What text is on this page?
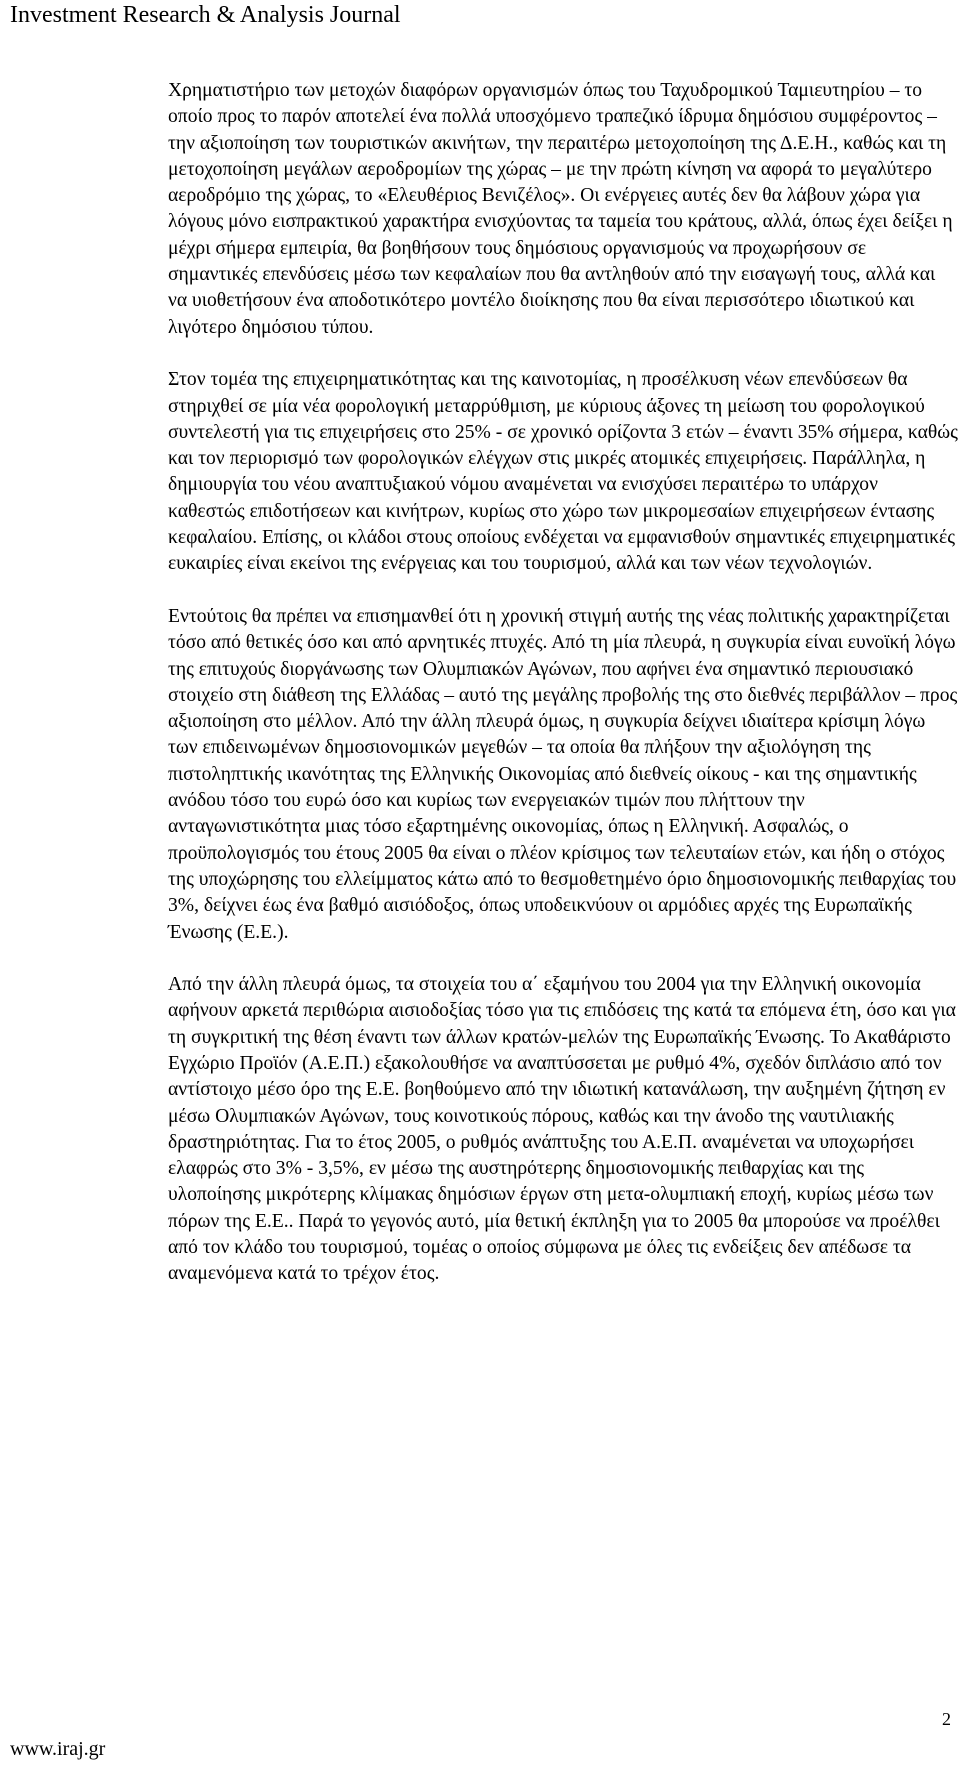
Investment Research & Analysis Journal

Χρηματιστήριο των μετοχών διαφόρων οργανισμών όπως του Ταχυδρομικού Ταμιευτηρίου – το οποίο προς το παρόν αποτελεί ένα πολλά υποσχόμενο τραπεζικό ίδρυμα δημόσιου συμφέροντος – την αξιοποίηση των τουριστικών ακινήτων, την περαιτέρω μετοχοποίηση της Δ.Ε.Η., καθώς και τη μετοχοποίηση μεγάλων αεροδρομίων της χώρας – με την πρώτη κίνηση να αφορά το μεγαλύτερο αεροδρόμιο της χώρας, το «Ελευθέριος Βενιζέλος». Οι ενέργειες αυτές δεν θα λάβουν χώρα για λόγους μόνο εισπρακτικού χαρακτήρα ενισχύοντας τα ταμεία του κράτους, αλλά, όπως έχει δείξει η μέχρι σήμερα εμπειρία, θα βοηθήσουν τους δημόσιους οργανισμούς να προχωρήσουν σε σημαντικές επενδύσεις μέσω των κεφαλαίων που θα αντληθούν από την εισαγωγή τους, αλλά και να υιοθετήσουν ένα αποδοτικότερο μοντέλο διοίκησης που θα είναι περισσότερο ιδιωτικού και λιγότερο δημόσιου τύπου.

Στον τομέα της επιχειρηματικότητας και της καινοτομίας, η προσέλκυση νέων επενδύσεων θα στηριχθεί σε μία νέα φορολογική μεταρρύθμιση, με κύριους άξονες τη μείωση του φορολογικού συντελεστή για τις επιχειρήσεις στο 25% - σε χρονικό ορίζοντα 3 ετών – έναντι 35% σήμερα, καθώς και τον περιορισμό των φορολογικών ελέγχων στις μικρές ατομικές επιχειρήσεις. Παράλληλα, η δημιουργία του νέου αναπτυξιακού νόμου αναμένεται να ενισχύσει περαιτέρω το υπάρχον καθεστώς επιδοτήσεων και κινήτρων, κυρίως στο χώρο των μικρομεσαίων επιχειρήσεων έντασης κεφαλαίου. Επίσης, οι κλάδοι στους οποίους ενδέχεται να εμφανισθούν σημαντικές επιχειρηματικές ευκαιρίες είναι εκείνοι της ενέργειας και του τουρισμού, αλλά και των νέων τεχνολογιών.

Εντούτοις θα πρέπει να επισημανθεί ότι η χρονική στιγμή αυτής της νέας πολιτικής χαρακτηρίζεται τόσο από θετικές όσο και από αρνητικές πτυχές. Από τη μία πλευρά, η συγκυρία είναι ευνοϊκή λόγω της επιτυχούς διοργάνωσης των Ολυμπιακών Αγώνων, που αφήνει ένα σημαντικό περιουσιακό στοιχείο στη διάθεση της Ελλάδας – αυτό της μεγάλης προβολής της στο διεθνές περιβάλλον – προς αξιοποίηση στο μέλλον. Από την άλλη πλευρά όμως, η συγκυρία δείχνει ιδιαίτερα κρίσιμη λόγω των επιδεινωμένων δημοσιονομικών μεγεθών – τα οποία θα πλήξουν την αξιολόγηση της πιστοληπτικής ικανότητας της Ελληνικής Οικονομίας από διεθνείς οίκους - και της σημαντικής ανόδου τόσο του ευρώ όσο και κυρίως των ενεργειακών τιμών που πλήττουν την ανταγωνιστικότητα μιας τόσο εξαρτημένης οικονομίας, όπως η Ελληνική. Ασφαλώς, ο προϋπολογισμός του έτους 2005 θα είναι ο πλέον κρίσιμος των τελευταίων ετών, και ήδη ο στόχος της υποχώρησης του ελλείμματος κάτω από το θεσμοθετημένο όριο δημοσιονομικής πειθαρχίας του 3%, δείχνει έως ένα βαθμό αισιόδοξος, όπως υποδεικνύουν οι αρμόδιες αρχές της Ευρωπαϊκής Ένωσης (Ε.Ε.).

Από την άλλη πλευρά όμως, τα στοιχεία του α΄ εξαμήνου του 2004 για την Ελληνική οικονομία αφήνουν αρκετά περιθώρια αισιοδοξίας τόσο για τις επιδόσεις της κατά τα επόμενα έτη, όσο και για τη συγκριτική της θέση έναντι των άλλων κρατών-μελών της Ευρωπαϊκής Ένωσης. Το Ακαθάριστο Εγχώριο Προϊόν (Α.Ε.Π.) εξακολουθήσε να αναπτύσσεται με ρυθμό 4%, σχεδόν διπλάσιο από τον αντίστοιχο μέσο όρο της Ε.Ε. βοηθούμενο από την ιδιωτική κατανάλωση, την αυξημένη ζήτηση εν μέσω Ολυμπιακών Αγώνων, τους κοινοτικούς πόρους, καθώς και την άνοδο της ναυτιλιακής δραστηριότητας. Για το έτος 2005, ο ρυθμός ανάπτυξης του Α.Ε.Π. αναμένεται να υποχωρήσει ελαφρώς στο 3% - 3,5%, εν μέσω της αυστηρότερης δημοσιονομικής πειθαρχίας και της υλοποίησης μικρότερης κλίμακας δημόσιων έργων στη μετα-ολυμπιακή εποχή, κυρίως μέσω των πόρων της Ε.Ε.. Παρά το γεγονός αυτό, μία θετική έκπληξη για το 2005 θα μπορούσε να προέλθει από τον κλάδο του τουρισμού, τομέας ο οποίος σύμφωνα με όλες τις ενδείξεις δεν απέδωσε τα αναμενόμενα κατά το τρέχον έτος.

2
www.iraj.gr
